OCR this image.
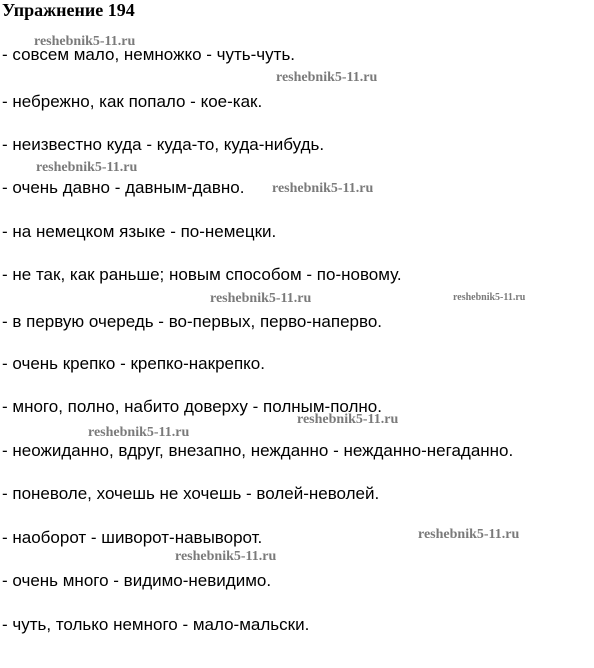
Упражнение 194
- совсем мало, немножко - чуть-чуть.
- небрежно, как попало - кое-как.
- неизвестно куда - куда-то, куда-нибудь.
- очень давно - давным-давно.
- на немецком языке - по-немецки.
- не так, как раньше; новым способом - по-новому.
- в первую очередь - во-первых, перво-наперво.
- очень крепко - крепко-накрепко.
- много, полно, набито доверху - полным-полно.
- неожиданно, вдруг, внезапно, нежданно - нежданно-негаданно.
- поневоле, хочешь не хочешь - волей-неволей.
- наоборот - шиворот-навыворот.
- очень много - видимо-невидимо.
- чуть, только немного - мало-мальски.
reshebnik5-11.ru
reshebnik5-11.ru
reshebnik5-11.ru
reshebnik5-11.ru
reshebnik5-11.ru	reshebnik5-11.ru
reshebnik5-11.ru
reshebnik5-11.ru
reshebnik5-11.ru
reshebnik5-11.ru
